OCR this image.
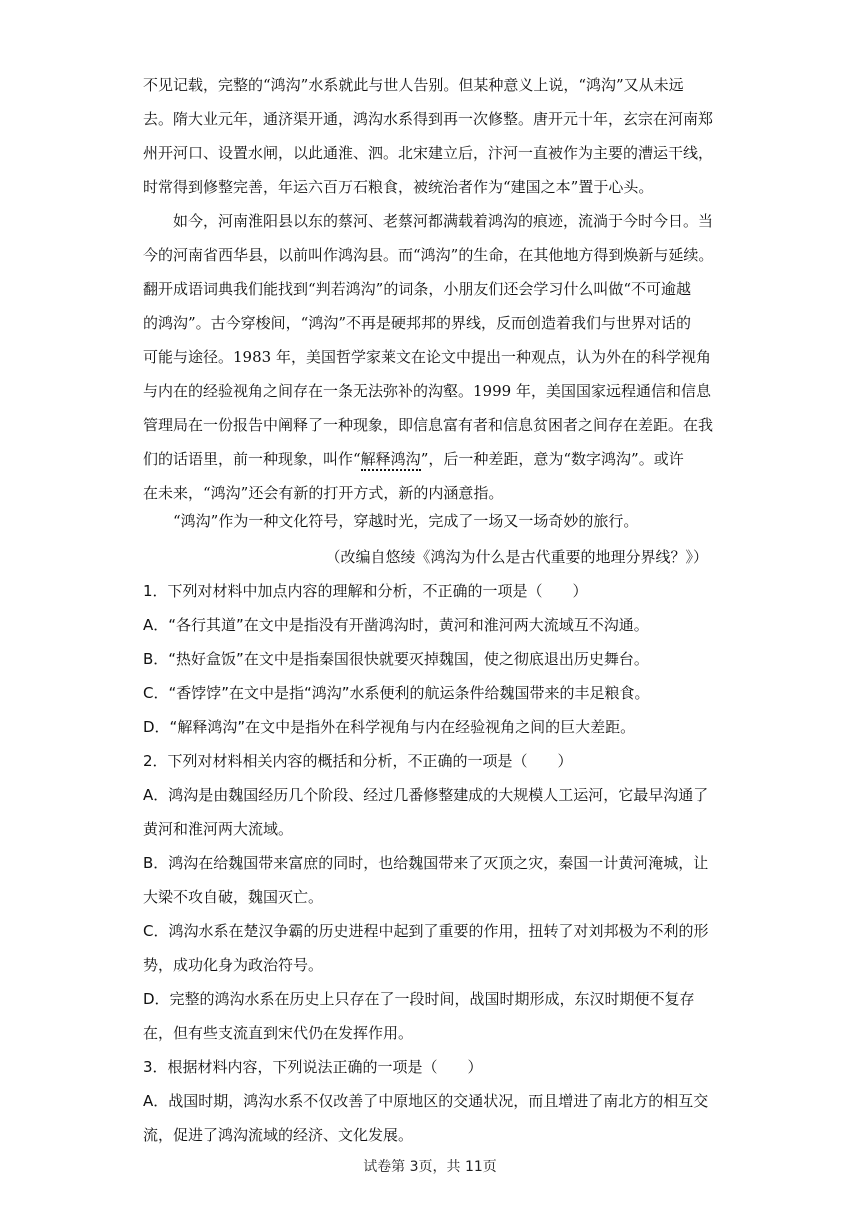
不见记载，完整的“鸿沟”水系就此与世人告别。但某种意义上说，“鸿沟”又从未远
去。隋大业元年，通济渠开通，鸿沟水系得到再一次修整。唐开元十年，玄宗在河南郑
州开河口、设置水闸，以此通淮、泗。北宋建立后，汴河一直被作为主要的漕运干线，
时常得到修整完善，年运六百万石粮食，被统治者作为“建国之本”置于心头。

如今，河南淮阳县以东的蔡河、老蔡河都满载着鸿沟的痕迹，流淌于今时今日。当
今的河南省西华县，以前叫作鸿沟县。而“鸿沟”的生命，在其他地方得到焕新与延续。
翻开成语词典我们能找到“判若鸿沟”的词条，小朋友们还会学习什么叫做“不可逾越
的鸿沟”。古今穿梭间，“鸿沟”不再是硬邦邦的界线，反而创造着我们与世界对话的
可能与途径。1983 年，美国哲学家莱文在论文中提出一种观点，认为外在的科学视角
与内在的经验视角之间存在一条无法弥补的沟壑。1999 年，美国国家远程通信和信息
管理局在一份报告中阐释了一种现象，即信息富有者和信息贫困者之间存在差距。在我
们的话语里，前一种现象，叫作“解释鸿沟”，后一种差距，意为“数字鸿沟”。或许
在未来，“鸿沟”还会有新的打开方式，新的内涵意指。

“鸿沟”作为一种文化符号，穿越时光，完成了一场又一场奇妙的旅行。

（改编自悠绫《鸿沟为什么是古代重要的地理分界线？》）

1．下列对材料中加点内容的理解和分析，不正确的一项是（　　）

A．“各行其道”在文中是指没有开凿鸿沟时，黄河和淮河两大流域互不沟通。

B．“热好盒饭”在文中是指秦国很快就要灭掉魏国，使之彻底退出历史舞台。

C．“香饽饽”在文中是指“鸿沟”水系便利的航运条件给魏国带来的丰足粮食。

D．“解释鸿沟”在文中是指外在科学视角与内在经验视角之间的巨大差距。

2．下列对材料相关内容的概括和分析，不正确的一项是（　　）

A．鸿沟是由魏国经历几个阶段、经过几番修整建成的大规模人工运河，它最早沟通了黄河和淮河两大流域。

B．鸿沟在给魏国带来富庶的同时，也给魏国带来了灭顶之灾，秦国一计黄河淹城，让大梁不攻自破，魏国灭亡。

C．鸿沟水系在楚汉争霸的历史进程中起到了重要的作用，扭转了对刘邦极为不利的形势，成功化身为政治符号。

D．完整的鸿沟水系在历史上只存在了一段时间，战国时期形成，东汉时期便不复存在，但有些支流直到宋代仍在发挥作用。

3．根据材料内容，下列说法正确的一项是（　　）

A．战国时期，鸿沟水系不仅改善了中原地区的交通状况，而且增进了南北方的相互交流，促进了鸿沟流域的经济、文化发展。

试卷第 3页，共 11页
